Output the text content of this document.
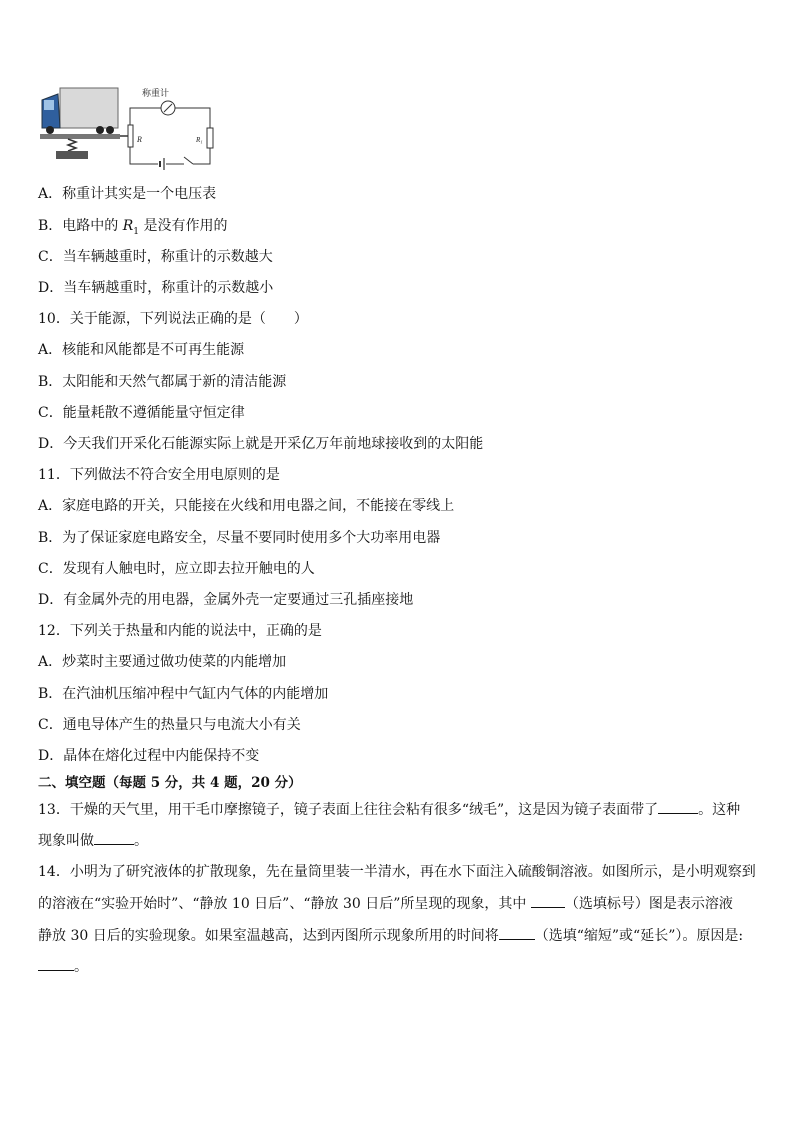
R
称重计
R₁
A．称重计其实是一个电压表
B．电路中的 $R_1$ 是没有作用的
C．当车辆越重时，称重计的示数越大
D．当车辆越重时，称重计的示数越小
10．关于能源，下列说法正确的是（　　）
A．核能和风能都是不可再生能源
B．太阳能和天然气都属于新的清洁能源
C．能量耗散不遵循能量守恒定律
D．今天我们开采化石能源实际上就是开采亿万年前地球接收到的太阳能
11．下列做法不符合安全用电原则的是
A．家庭电路的开关，只能接在火线和用电器之间，不能接在零线上
B．为了保证家庭电路安全，尽量不要同时使用多个大功率用电器
C．发现有人触电时，应立即去拉开触电的人
D．有金属外壳的用电器，金属外壳一定要通过三孔插座接地
12．下列关于热量和内能的说法中，正确的是
A．炒菜时主要通过做功使菜的内能增加
B．在汽油机压缩冲程中气缸内气体的内能增加
C．通电导体产生的热量只与电流大小有关
D．晶体在熔化过程中内能保持不变
二、填空题（每题 5 分，共 4 题，20 分）
13．干燥的天气里，用干毛巾摩擦镜子，镜子表面上往往会粘有很多“绒毛”，这是因为镜子表面带了	。这种
现象叫做	。
14．小明为了研究液体的扩散现象，先在量筒里装一半清水，再在水下面注入硫酸铜溶液。如图所示，是小明观察到
的溶液在“实验开始时”、“静放 10 日后”、“静放 30 日后”所呈现的现象，其中 （选填标号）图是表示溶液
静放 30 日后的实验现象。如果室温越高，达到丙图所示现象所用的时间将	（选填“缩短”或“延长”）。原因是:
。
